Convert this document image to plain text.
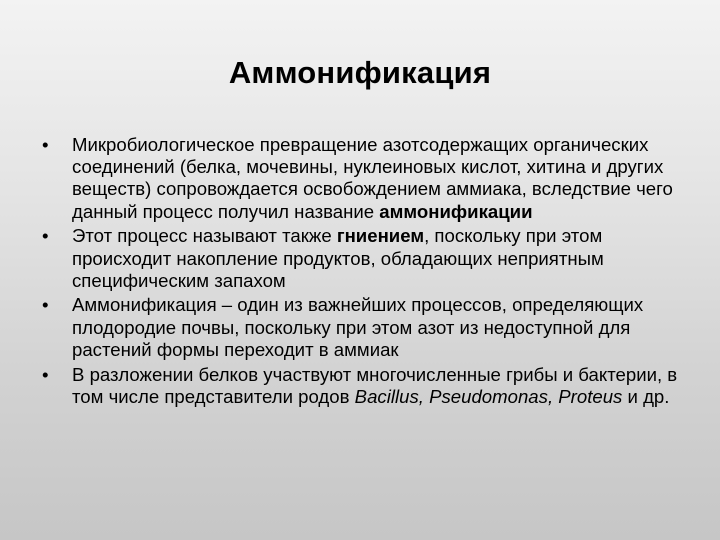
Аммонификация
• Микробиологическое превращение азотсодержащих органических соединений (белка, мочевины, нуклеиновых кислот, хитина и других веществ) сопровождается освобождением аммиака, вследствие чего данный процесс получил название аммонификации
• Этот процесс называют также гниением, поскольку при этом происходит накопление продуктов, обладающих неприятным специфическим запахом
• Аммонификация – один из важнейших процессов, определяющих плодородие почвы, поскольку при этом азот из недоступной для растений формы переходит в аммиак
• В разложении белков участвуют многочисленные грибы и бактерии, в том числе представители родов Bacillus, Pseudomonas, Proteus и др.
